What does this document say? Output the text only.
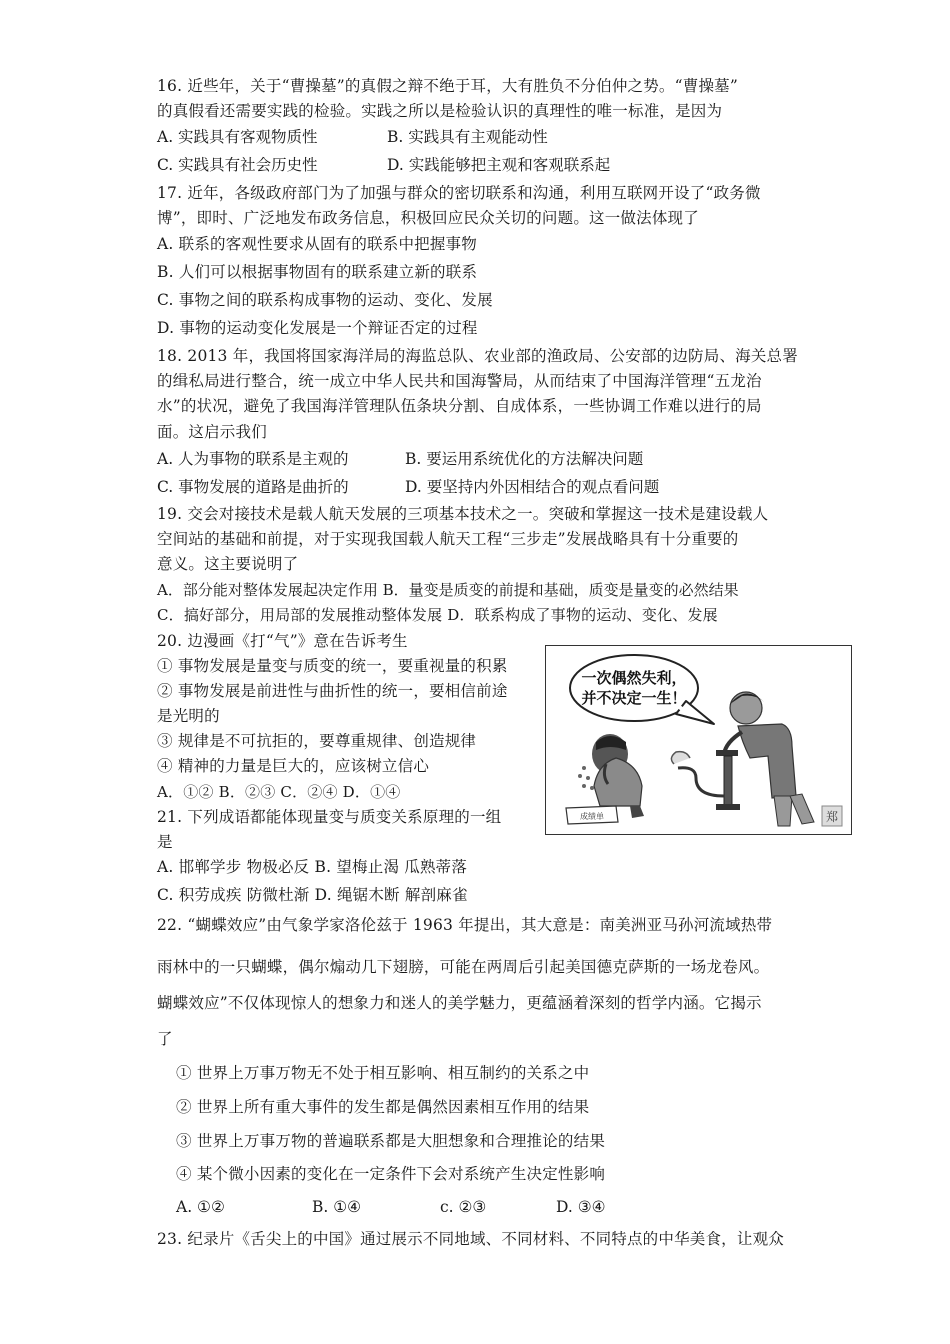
16. 近些年，关于“曹操墓”的真假之辩不绝于耳，大有胜负不分伯仲之势。“曹操墓”
的真假看还需要实践的检验。实践之所以是检验认识的真理性的唯一标准，是因为
A. 实践具有客观物质性	B. 实践具有主观能动性
C. 实践具有社会历史性	D. 实践能够把主观和客观联系起
17. 近年，各级政府部门为了加强与群众的密切联系和沟通，利用互联网开设了“政务微
博”，即时、广泛地发布政务信息，积极回应民众关切的问题。这一做法体现了
A. 联系的客观性要求从固有的联系中把握事物
B. 人们可以根据事物固有的联系建立新的联系
C. 事物之间的联系构成事物的运动、变化、发展
D. 事物的运动变化发展是一个辩证否定的过程
18. 2013 年，我国将国家海洋局的海监总队、农业部的渔政局、公安部的边防局、海关总署
的缉私局进行整合，统一成立中华人民共和国海警局，从而结束了中国海洋管理“五龙治
水”的状况，避免了我国海洋管理队伍条块分割、自成体系，一些协调工作难以进行的局
面。这启示我们
A. 人为事物的联系是主观的	B. 要运用系统优化的方法解决问题
C. 事物发展的道路是曲折的	D. 要坚持内外因相结合的观点看问题
19. 交会对接技术是载人航天发展的三项基本技术之一。突破和掌握这一技术是建设载人
空间站的基础和前提，对于实现我国载人航天工程“三步走”发展战略具有十分重要的
意义。这主要说明了
A．部分能对整体发展起决定作用 B．量变是质变的前提和基础，质变是量变的必然结果
C．搞好部分，用局部的发展推动整体发展 D．联系构成了事物的运动、变化、发展
20. 边漫画《打“气”》意在告诉考生
① 事物发展是量变与质变的统一，要重视量的积累
② 事物发展是前进性与曲折性的统一，要相信前途
是光明的
③ 规律是不可抗拒的，要尊重规律、创造规律
④ 精神的力量是巨大的，应该树立信心
A．①② B．②③ C．②④ D．①④
一次偶然失利，
并不决定一生！
成绩单	郑
21. 下列成语都能体现量变与质变关系原理的一组
是
A. 邯郸学步 物极必反 B. 望梅止渴 瓜熟蒂落
C. 积劳成疾 防微杜渐 D. 绳锯木断 解剖麻雀
22. “蝴蝶效应”由气象学家洛伦兹于 1963 年提出，其大意是：南美洲亚马孙河流域热带
雨林中的一只蝴蝶，偶尔煽动几下翅膀，可能在两周后引起美国德克萨斯的一场龙卷风。
蝴蝶效应”不仅体现惊人的想象力和迷人的美学魅力，更蕴涵着深刻的哲学内涵。它揭示
了
① 世界上万事万物无不处于相互影响、相互制约的关系之中
② 世界上所有重大事件的发生都是偶然因素相互作用的结果
③ 世界上万事万物的普遍联系都是大胆想象和合理推论的结果
④ 某个微小因素的变化在一定条件下会对系统产生决定性影响
A. ①②	B. ①④	c. ②③	D. ③④
23. 纪录片《舌尖上的中国》通过展示不同地域、不同材料、不同特点的中华美食，让观众
